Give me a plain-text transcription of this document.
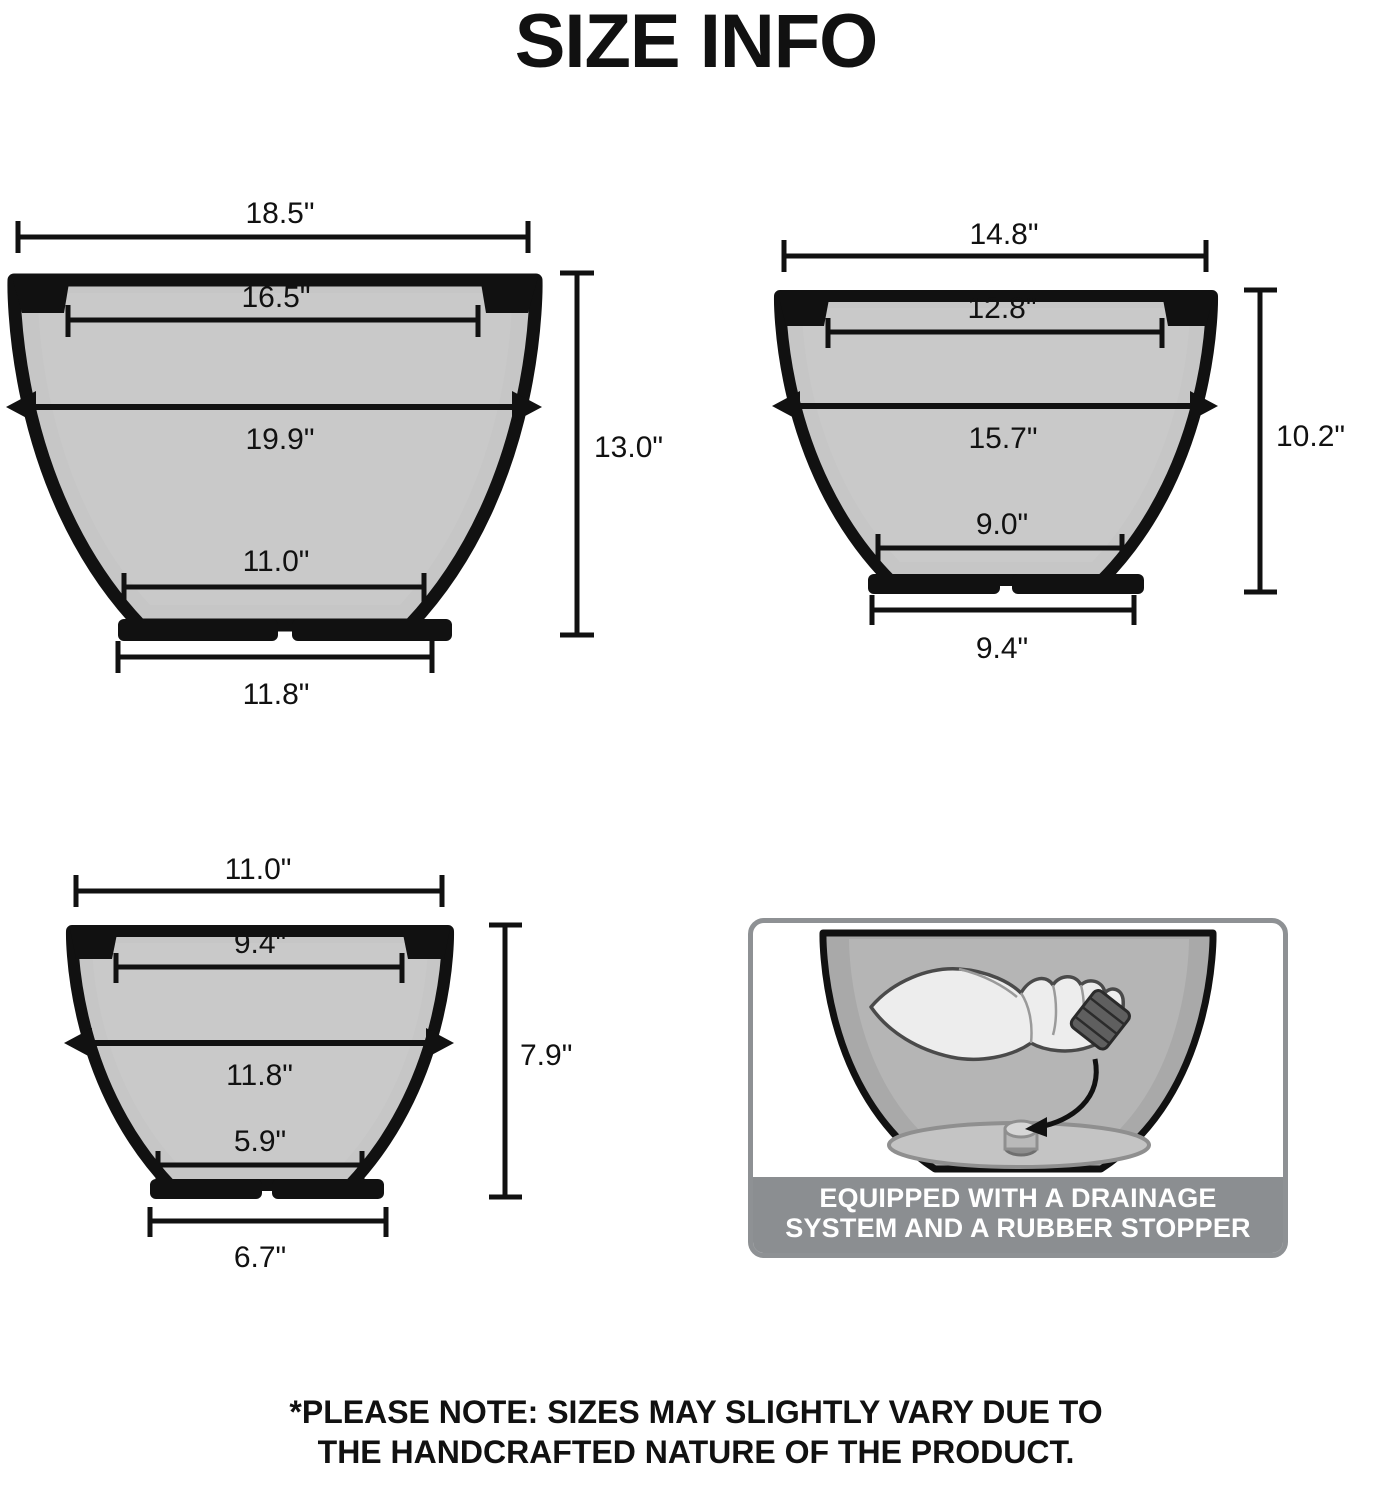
SIZE INFO
18.5"
16.5"
19.9"
11.0"
11.8"
13.0"
14.8"
12.8"
15.7"
9.0"
9.4"
10.2"
11.0"
9.4"
11.8"
5.9"
6.7"
7.9"
EQUIPPED WITH A DRAINAGE
SYSTEM AND A RUBBER STOPPER
*PLEASE NOTE: SIZES MAY SLIGHTLY VARY DUE TO
THE HANDCRAFTED NATURE OF THE PRODUCT.
